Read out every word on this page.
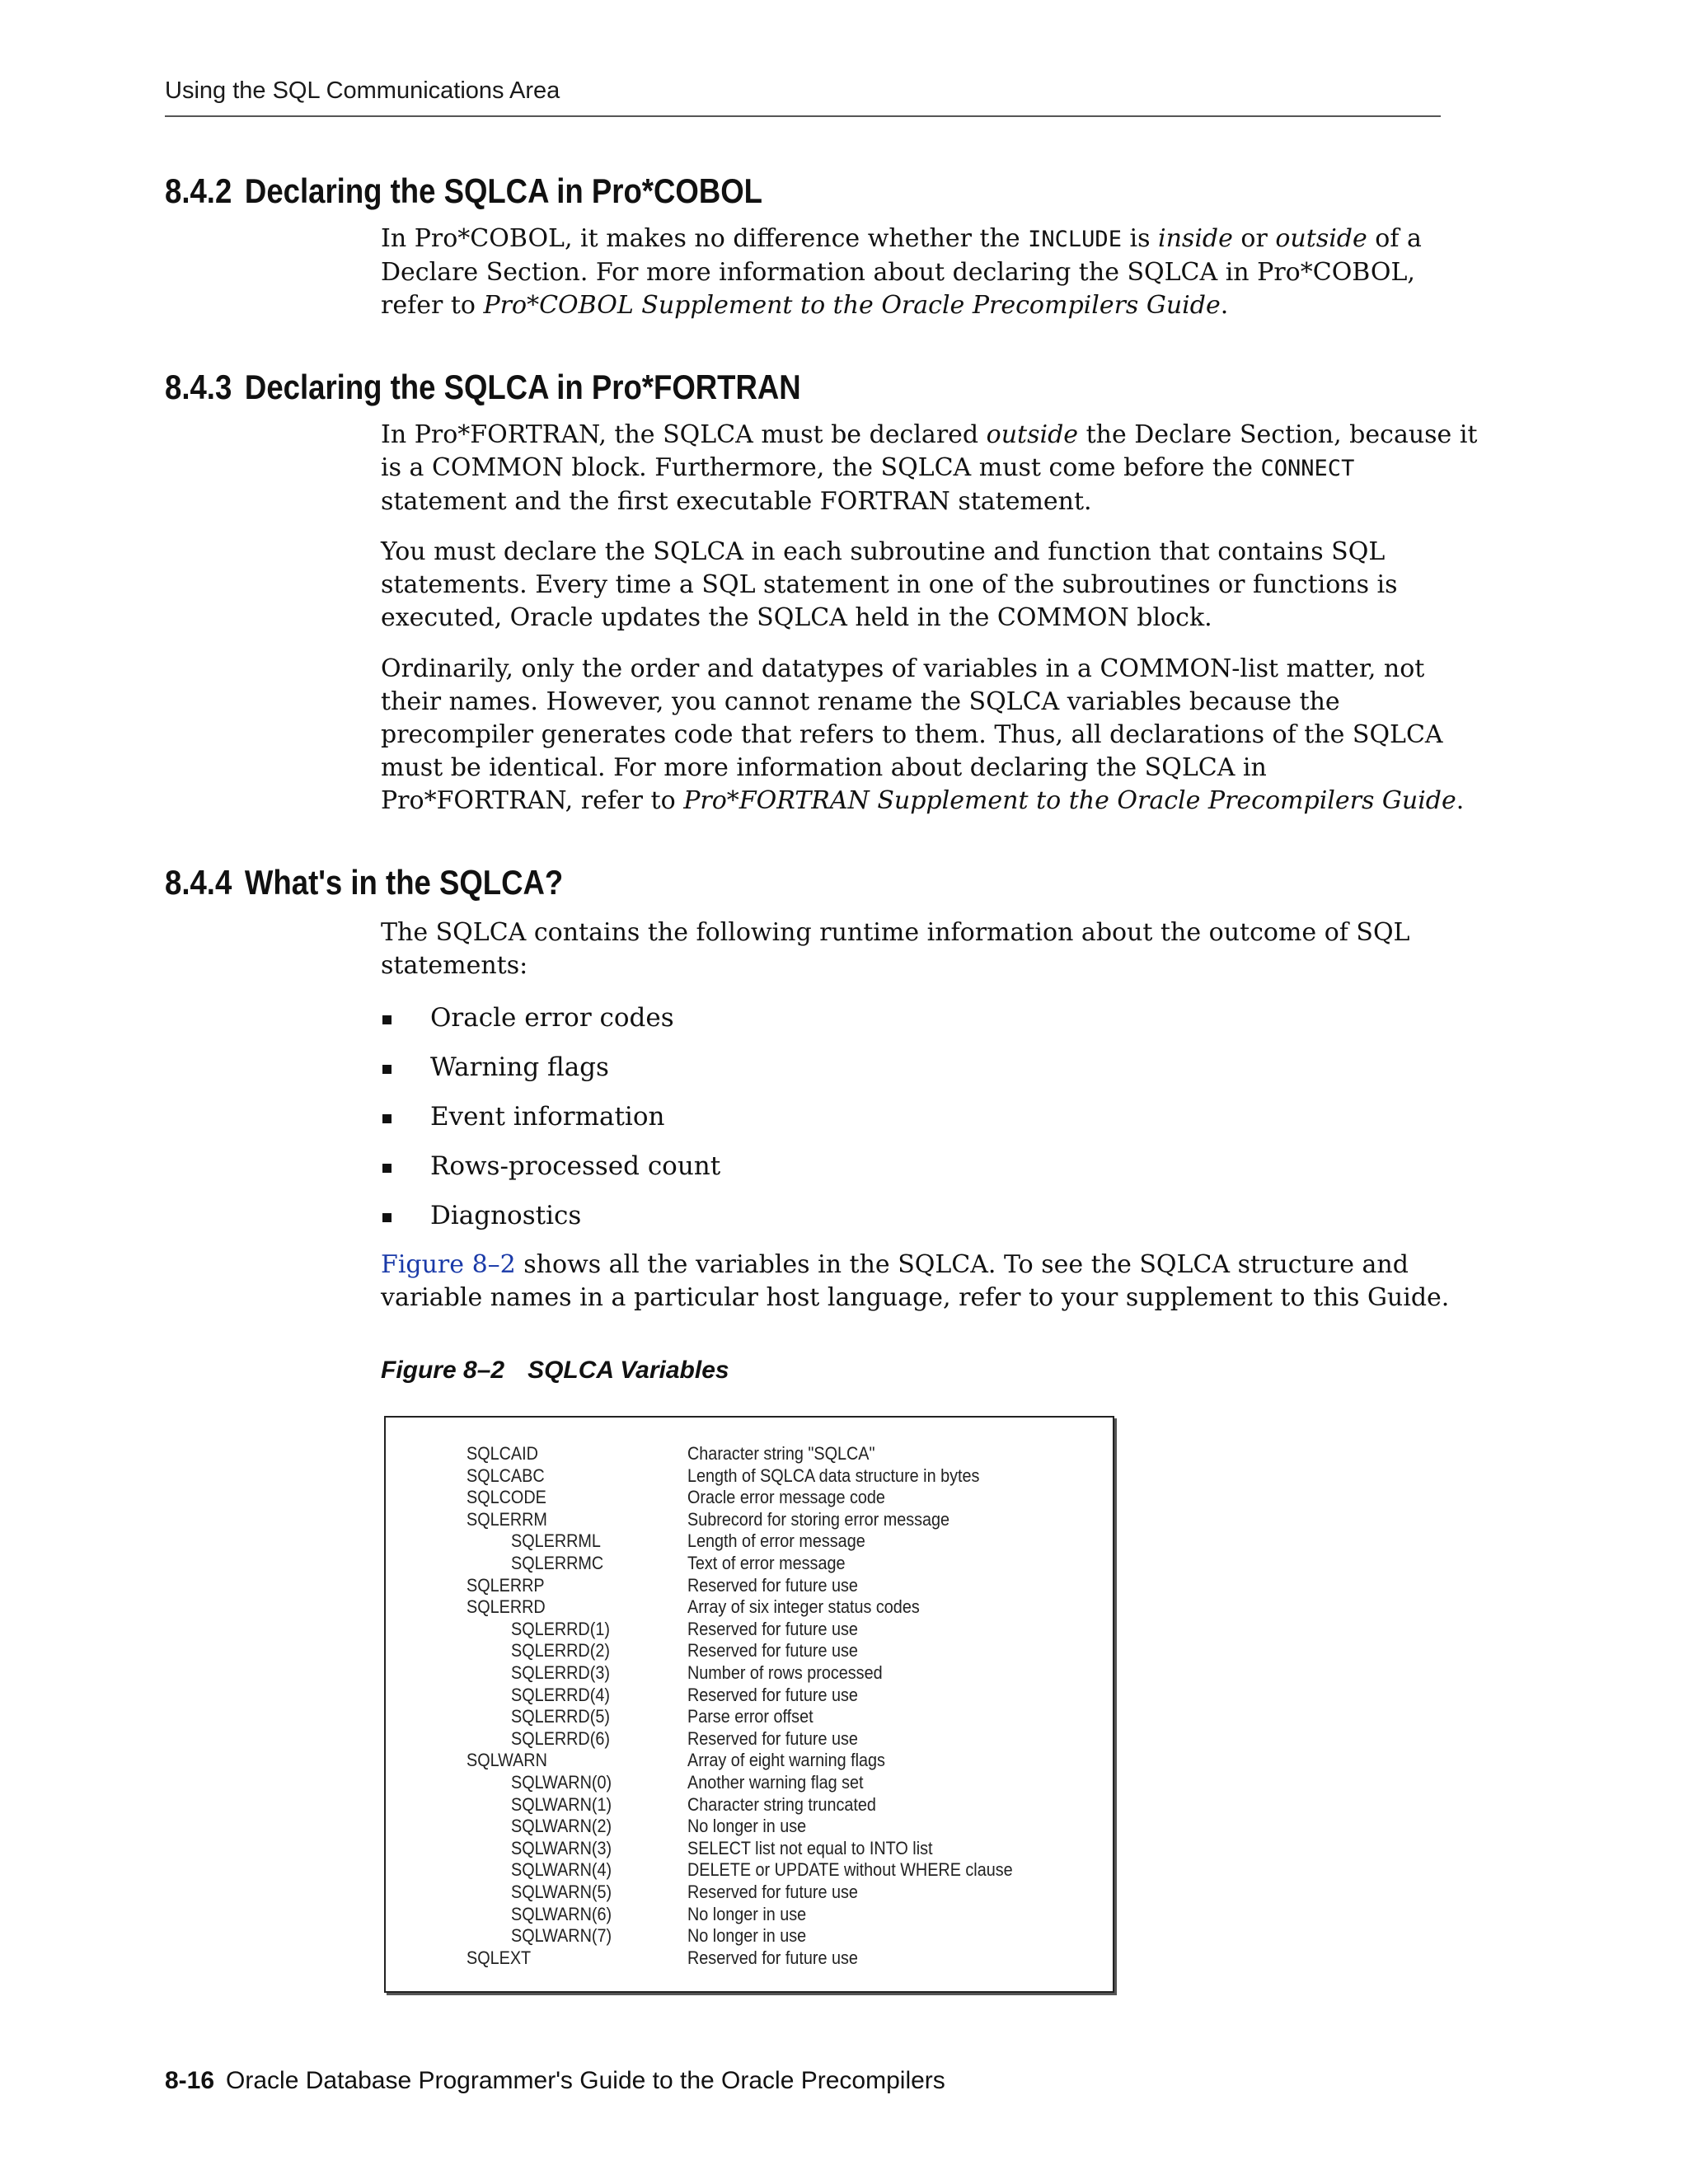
Using the SQL Communications Area
8.4.2 Declaring the SQLCA in Pro*COBOL

In Pro*COBOL, it makes no difference whether the INCLUDE is inside or outside of a
Declare Section. For more information about declaring the SQLCA in Pro*COBOL,
refer to Pro*COBOL Supplement to the Oracle Precompilers Guide.

8.4.3 Declaring the SQLCA in Pro*FORTRAN

In Pro*FORTRAN, the SQLCA must be declared outside the Declare Section, because it
is a COMMON block. Furthermore, the SQLCA must come before the CONNECT
statement and the first executable FORTRAN statement.

You must declare the SQLCA in each subroutine and function that contains SQL
statements. Every time a SQL statement in one of the subroutines or functions is
executed, Oracle updates the SQLCA held in the COMMON block.

Ordinarily, only the order and datatypes of variables in a COMMON-list matter, not
their names. However, you cannot rename the SQLCA variables because the
precompiler generates code that refers to them. Thus, all declarations of the SQLCA
must be identical. For more information about declaring the SQLCA in
Pro*FORTRAN, refer to Pro*FORTRAN Supplement to the Oracle Precompilers Guide.

8.4.4 What's in the SQLCA?

The SQLCA contains the following runtime information about the outcome of SQL
statements:

Oracle error codes
Warning flags
Event information
Rows-processed count
Diagnostics

Figure 8–2 shows all the variables in the SQLCA. To see the SQLCA structure and
variable names in a particular host language, refer to your supplement to this Guide.

Figure 8–2 SQLCA Variables

SQLCAID	Character string "SQLCA"
SQLCABC	Length of SQLCA data structure in bytes
SQLCODE	Oracle error message code
SQLERRM	Subrecord for storing error message
SQLERRML	Length of error message
SQLERRMC	Text of error message
SQLERRP	Reserved for future use
SQLERRD	Array of six integer status codes
SQLERRD(1)	Reserved for future use
SQLERRD(2)	Reserved for future use
SQLERRD(3)	Number of rows processed
SQLERRD(4)	Reserved for future use
SQLERRD(5)	Parse error offset
SQLERRD(6)	Reserved for future use
SQLWARN	Array of eight warning flags
SQLWARN(0)	Another warning flag set
SQLWARN(1)	Character string truncated
SQLWARN(2)	No longer in use
SQLWARN(3)	SELECT list not equal to INTO list
SQLWARN(4)	DELETE or UPDATE without WHERE clause
SQLWARN(5)	Reserved for future use
SQLWARN(6)	No longer in use
SQLWARN(7)	No longer in use
SQLEXT	Reserved for future use
8-16 Oracle Database Programmer's Guide to the Oracle Precompilers
